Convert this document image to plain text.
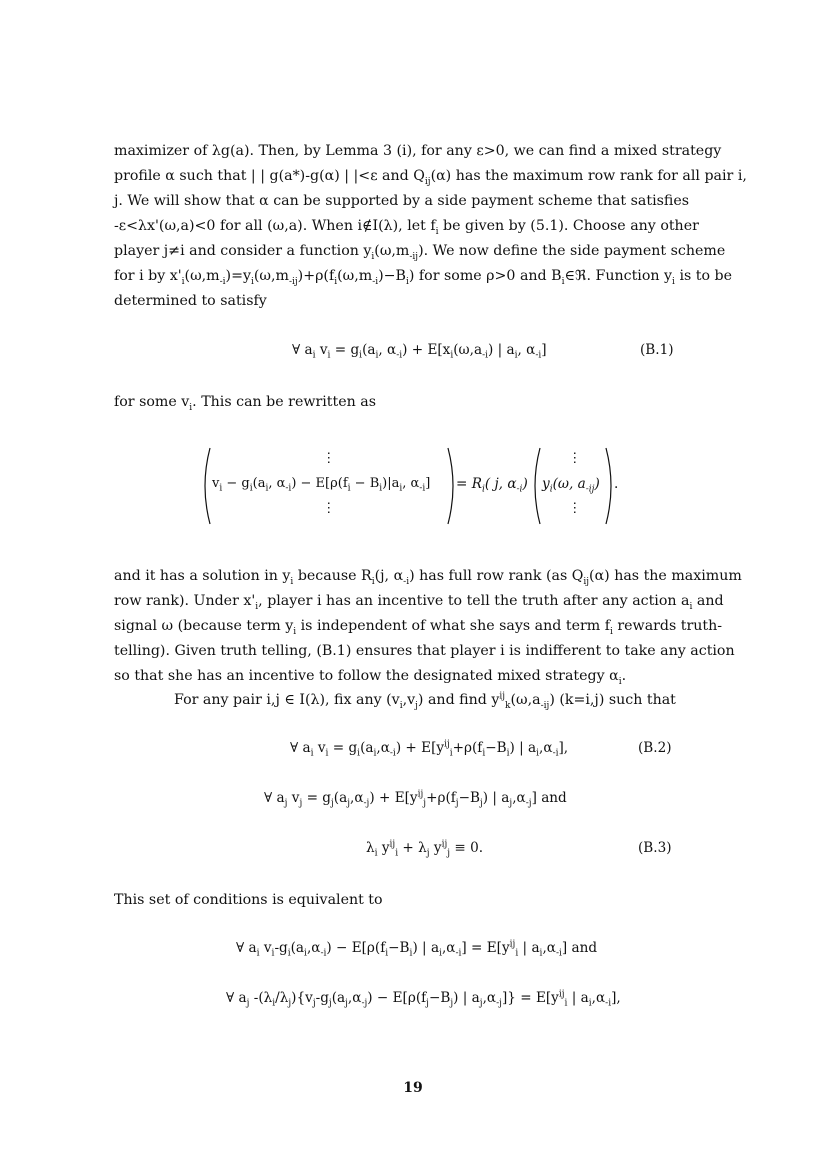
maximizer of λg(a). Then, by Lemma 3 (i), for any ε>0, we can find a mixed strategy
profile α such that | | g(a*)-g(α) | |<ε and $Q_{ij}(\alpha)$ has the maximum row rank for all pair i,
j. We will show that α can be supported by a side payment scheme that satisfies
-ε<λx'(ω,a)<0 for all (ω,a). When i∉I(λ), let $f_i$ be given by (5.1). Choose any other
player j≠i and consider a function $y_i(\omega,m_{-ij})$. We now define the side payment scheme
for i by $x'_i(\omega,m_{-i})=y_i(\omega,m_{-ij})+\rho(f_i(\omega,m_{-i})-B_i)$ for some ρ>0 and $B_i\in ℜ$. Function $y_i$ is to be
determined to satisfy
∀ $a_i$ $v_i = g_i(a_i$, $\alpha_{-i}) + E[x_i(\omega,a_{-i})$ | $a_i$, $\alpha_{-i}$]	(B.1)
for some $v_i$. This can be rewritten as
⋮
$v_i - g_i(a_i$, $\alpha_{-i}) - E[\rho(f_i - B_i)|a_i$, $\alpha_{-i}$]
⋮
= $R_i$( j, $\alpha_{-i}$)
⋮
$y_i(\omega$, $a_{-ij}$)
⋮
.
and it has a solution in $y_i$ because $R_i(j$, $\alpha_{-i}$) has full row rank (as $Q_{ij}(\alpha)$ has the maximum
row rank). Under $x'_i$, player i has an incentive to tell the truth after any action $a_i$ and
signal ω (because term $y_i$ is independent of what she says and term $f_i$ rewards truth-
telling). Given truth telling, (B.1) ensures that player i is indifferent to take any action
so that she has an incentive to follow the designated mixed strategy $\alpha_i$.
For any pair i,j ∈ I(λ), fix any $(v_i,v_j)$ and find $y^{ij}_k(\omega,a_{-ij})$ (k=i,j) such that
∀ $a_i$ $v_i = g_i(a_i,\alpha_{-i}) + E[y^{ij}_i+\rho(f_i-B_i)$ | $a_i,\alpha_{-i}$],	(B.2)
∀ $a_j$ $v_j = g_j(a_j,\alpha_{-j}) + E[y^{ij}_j+\rho(f_j-B_j)$ | $a_j,\alpha_{-j}$] and
$\lambda_i$ $y^{ij}_i + \lambda_j$ $y^{ij}_j \equiv 0$.	(B.3)
This set of conditions is equivalent to
∀ $a_i$ $v_i-g_i(a_i,\alpha_{-i}) - E[\rho(f_i-B_i)$ | $a_i,\alpha_{-i}] = E[y^{ij}_i$ | $a_i,\alpha_{-i}$] and
∀ $a_j$ $-(\lambda_i/\lambda_j)\{v_j-g_j(a_j,\alpha_{-j}) - E[\rho(f_j-B_j)$ | $a_j,\alpha_{-j}]\} = E[y^{ij}_i$ | $a_i,\alpha_{-i}$],
19
